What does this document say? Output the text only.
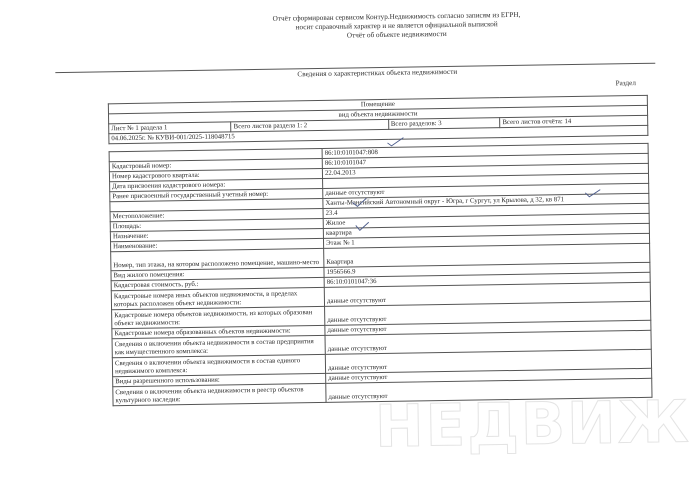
Отчёт сформирован сервисом Контур.Недвижимость согласно записям из ЕГРН,
носит справочный характер и не является официальной выпиской
Отчёт об объекте недвижимости
Сведения о характеристиках объекта недвижимости
Раздел
Помещение
вид объекта недвижимости
Лист № 1 раздела 1	Всего листов раздела 1: 2	Всего разделов: 3	Всего листов отчёта: 14
04.06.2025г. № КУВИ-001/2025-118048715
	86:10:0101047:808
Кадастровый номер:	86:10:0101047
Номер кадастрового квартала:	22.04.2013
Дата присвоения кадастрового номера:	
Ранее присвоенный государственный учетный номер:	данные отсутствуют
	Ханты-Мансийский Автономный округ - Югра, г Сургут, ул Крылова, д 32, кв 871
Местоположение:	23.4
Площадь:	Жилое
Назначение:	квартира
Наименование:	Этаж № 1
Номер, тип этажа, на котором расположено помещение, машино-место	Квартира
Вид жилого помещения:	1956566.9
Кадастровая стоимость, руб.:	86:10:0101047:36
Кадастровые номера иных объектов недвижимости, в пределах которых расположен объект недвижимости:	данные отсутствуют
Кадастровые номера объектов недвижимости, из которых образован объект недвижимости:	данные отсутствуют
Кадастровые номера образованных объектов недвижимости:	данные отсутствуют
Сведения о включении объекта недвижимости в состав предприятия как имущественного комплекса:	данные отсутствуют
Сведения о включении объекта недвижимости в состав единого недвижимого комплекса:	данные отсутствуют
Виды разрешенного использования:	данные отсутствуют
Сведения о включении объекта недвижимости в реестр объектов культурного наследия:	данные отсутствуют
НЕДВИЖ
